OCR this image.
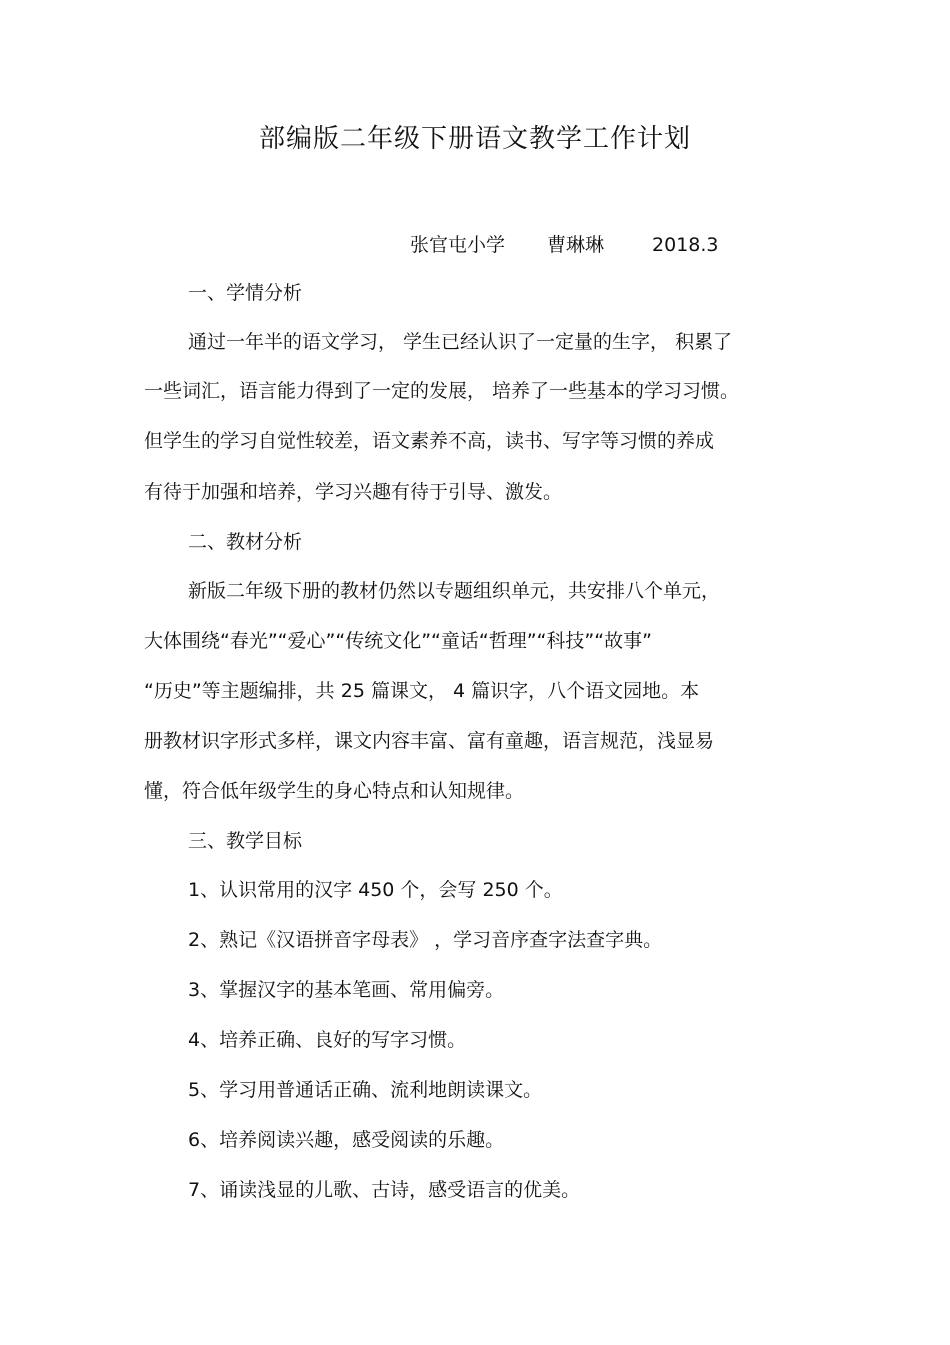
部编版二年级下册语文教学工作计划
张官屯小学 曹琳琳	2018.3
一、学情分析
通过一年半的语文学习， 学生已经认识了一定量的生字， 积累了
一些词汇，语言能力得到了一定的发展， 培养了一些基本的学习习惯。
但学生的学习自觉性较差，语文素养不高，读书、写字等习惯的养成
有待于加强和培养，学习兴趣有待于引导、激发。
二、教材分析
新版二年级下册的教材仍然以专题组织单元，共安排八个单元，
大体围绕“春光”“爱心”“传统文化”“童话“哲理”“科技”“故事”
“历史”等主题编排，共 25 篇课文， 4 篇识字，八个语文园地。本
册教材识字形式多样，课文内容丰富、富有童趣，语言规范，浅显易
懂，符合低年级学生的身心特点和认知规律。
三、教学目标
1、认识常用的汉字 450 个，会写 250 个。
2、熟记《汉语拼音字母表》 ，学习音序查字法查字典。
3、掌握汉字的基本笔画、常用偏旁。
4、培养正确、良好的写字习惯。
5、学习用普通话正确、流利地朗读课文。
6、培养阅读兴趣，感受阅读的乐趣。
7、诵读浅显的儿歌、古诗，感受语言的优美。
